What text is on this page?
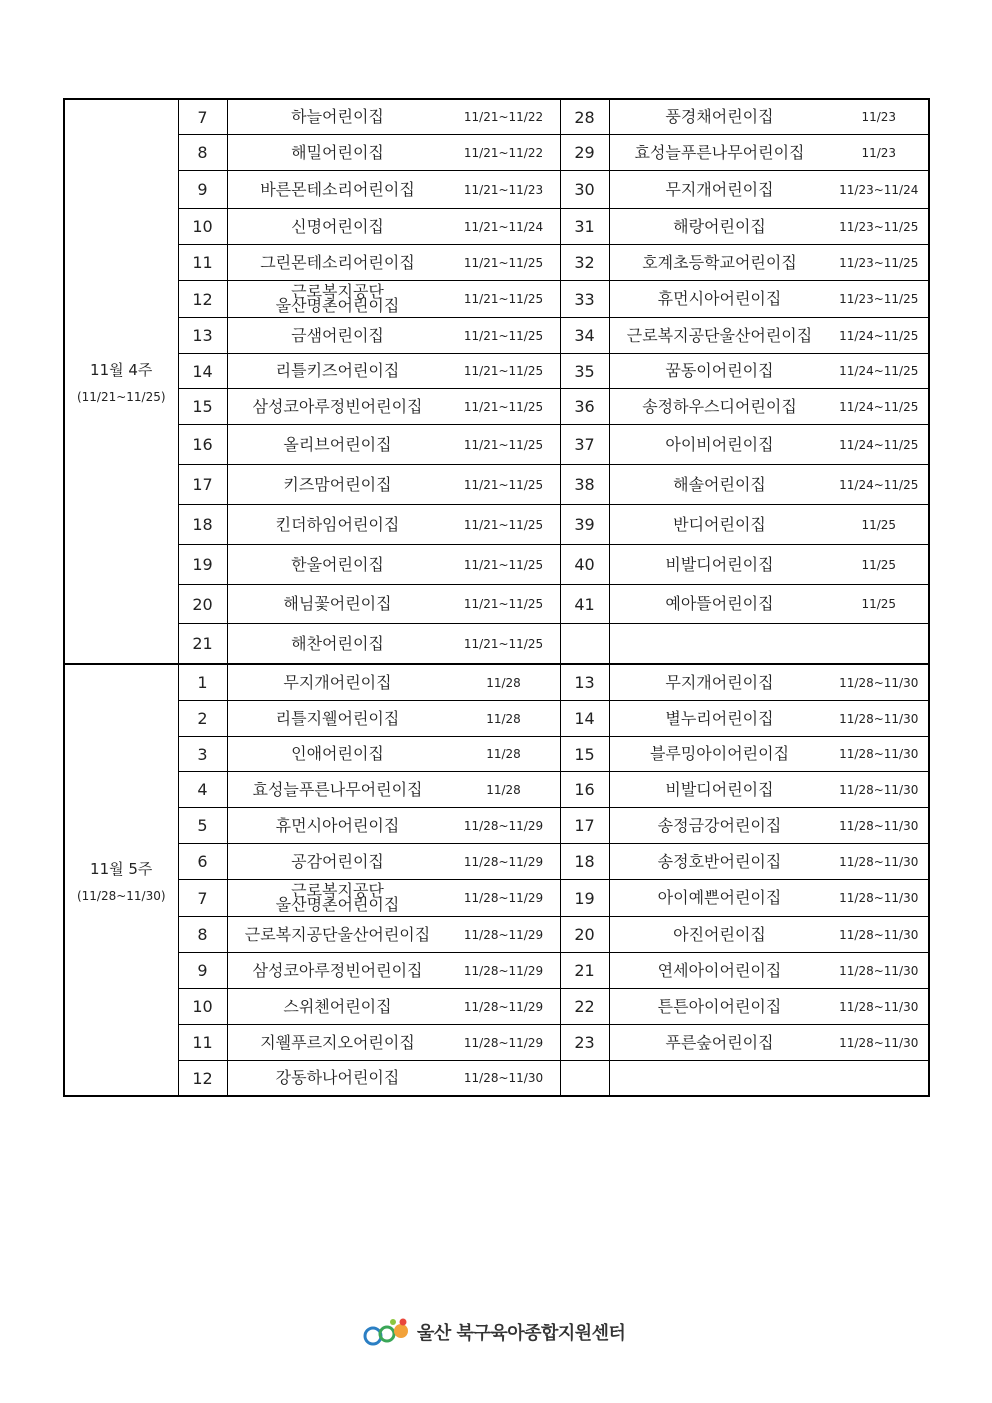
11월 4주
(11/21~11/25)	7	하늘어린이집 11/21~11/22	28	풍경채어린이집 11/23

	8	해밀어린이집 11/21~11/22	29	효성늘푸른나무어린이집 11/23

	9	바른몬테소리어린이집 11/21~11/23	30	무지개어린이집 11/23~11/24

	10	신명어린이집 11/21~11/24	31	해랑어린이집 11/23~11/25

	11	그린몬테소리어린이집 11/21~11/25	32	호계초등학교어린이집 11/23~11/25

	12	근로복지공단
울산명촌어린이집 11/21~11/25	33	휴먼시아어린이집 11/23~11/25

	13	금샘어린이집 11/21~11/25	34	근로복지공단울산어린이집 11/24~11/25

	14	리틀키즈어린이집 11/21~11/25	35	꿈동이어린이집 11/24~11/25

	15	삼성코아루정빈어린이집 11/21~11/25	36	송정하우스디어린이집 11/24~11/25

	16	올리브어린이집 11/21~11/25	37	아이비어린이집 11/24~11/25

	17	키즈맘어린이집 11/21~11/25	38	해솔어린이집 11/24~11/25

	18	킨더하임어린이집 11/21~11/25	39	반디어린이집 11/25

	19	한울어린이집 11/21~11/25	40	비발디어린이집 11/25

	20	해님꽃어린이집 11/21~11/25	41	예아뜰어린이집 11/25

	21	해찬어린이집 11/21~11/25		

11월 5주
(11/28~11/30)	1	무지개어린이집 11/28	13	무지개어린이집 11/28~11/30

	2	리틀지웰어린이집 11/28	14	별누리어린이집 11/28~11/30

	3	인애어린이집 11/28	15	블루밍아이어린이집 11/28~11/30

	4	효성늘푸른나무어린이집 11/28	16	비발디어린이집 11/28~11/30

	5	휴먼시아어린이집 11/28~11/29	17	송정금강어린이집 11/28~11/30

	6	공감어린이집 11/28~11/29	18	송정호반어린이집 11/28~11/30

	7	근로복지공단
울산명촌어린이집 11/28~11/29	19	아이예쁜어린이집 11/28~11/30

	8	근로복지공단울산어린이집 11/28~11/29	20	아진어린이집 11/28~11/30

	9	삼성코아루정빈어린이집 11/28~11/29	21	연세아이어린이집 11/28~11/30

	10	스위첸어린이집 11/28~11/29	22	튼튼아이어린이집 11/28~11/30

	11	지웰푸르지오어린이집 11/28~11/29	23	푸른숲어린이집 11/28~11/30

	12	강동하나어린이집 11/28~11/30		

울산 북구육아종합지원센터
